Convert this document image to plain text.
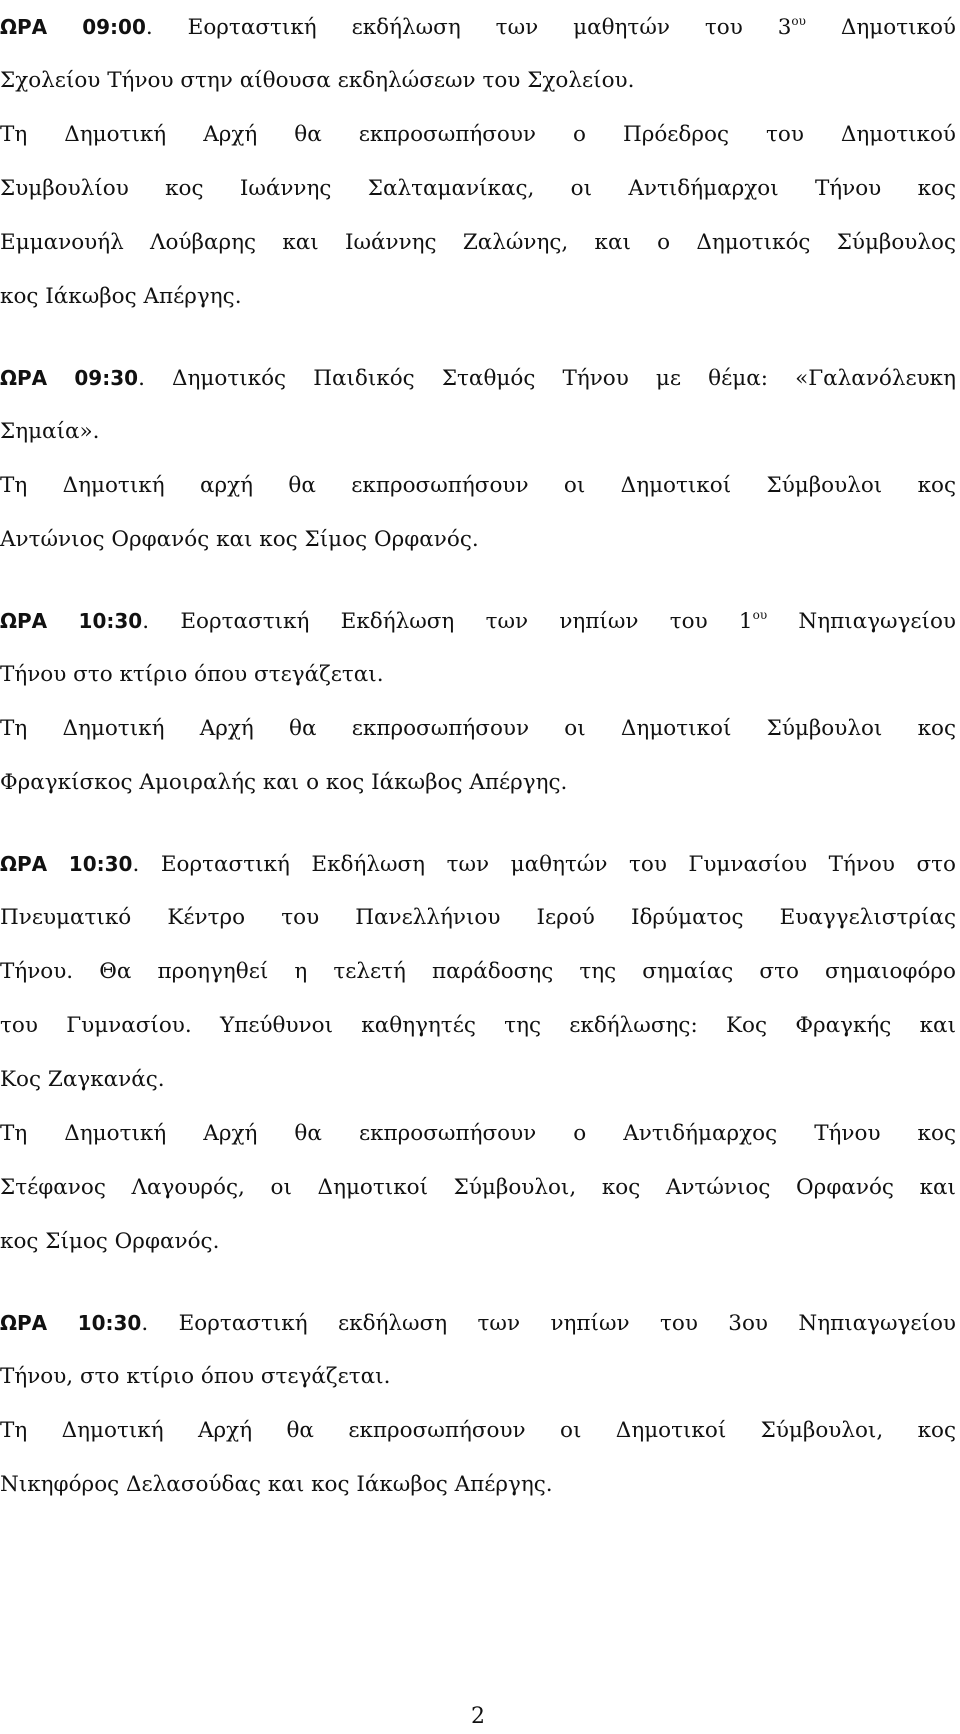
ΩΡΑ 09:00. Εορταστική εκδήλωση των μαθητών του $3^{o\upsilon}$ Δημοτικού
Σχολείου Τήνου στην αίθουσα εκδηλώσεων του Σχολείου.
Τη Δημοτική Αρχή θα εκπροσωπήσουν ο Πρόεδρος του Δημοτικού
Συμβουλίου κος Ιωάννης Σαλταμανίκας, οι Αντιδήμαρχοι Τήνου κος
Εμμανουήλ Λούβαρης και Ιωάννης Ζαλώνης, και ο Δημοτικός Σύμβουλος
κος Ιάκωβος Απέργης.

ΩΡΑ 09:30. Δημοτικός Παιδικός Σταθμός Τήνου με θέμα: «Γαλανόλευκη
Σημαία».
Τη Δημοτική αρχή θα εκπροσωπήσουν οι Δημοτικοί Σύμβουλοι κος
Αντώνιος Ορφανός και κος Σίμος Ορφανός.

ΩΡΑ 10:30. Εορταστική Εκδήλωση των νηπίων του $1^{o\upsilon}$ Νηπιαγωγείου
Τήνου στο κτίριο όπου στεγάζεται.
Τη Δημοτική Αρχή θα εκπροσωπήσουν οι Δημοτικοί Σύμβουλοι κος
Φραγκίσκος Αμοιραλής και ο κος Ιάκωβος Απέργης.

ΩΡΑ 10:30. Εορταστική Εκδήλωση των μαθητών του Γυμνασίου Τήνου στο
Πνευματικό Κέντρο του Πανελλήνιου Ιερού Ιδρύματος Ευαγγελιστρίας
Τήνου. Θα προηγηθεί η τελετή παράδοσης της σημαίας στο σημαιοφόρο
του Γυμνασίου. Υπεύθυνοι καθηγητές της εκδήλωσης: Κος Φραγκής και
Κος Ζαγκανάς.
Τη Δημοτική Αρχή θα εκπροσωπήσουν ο Αντιδήμαρχος Τήνου κος
Στέφανος Λαγουρός, οι Δημοτικοί Σύμβουλοι, κος Αντώνιος Ορφανός και
κος Σίμος Ορφανός.

ΩΡΑ 10:30. Εορταστική εκδήλωση των νηπίων του 3ου Νηπιαγωγείου
Τήνου, στο κτίριο όπου στεγάζεται.
Τη Δημοτική Αρχή θα εκπροσωπήσουν οι Δημοτικοί Σύμβουλοι, κος
Νικηφόρος Δελασούδας και κος Ιάκωβος Απέργης.

2
